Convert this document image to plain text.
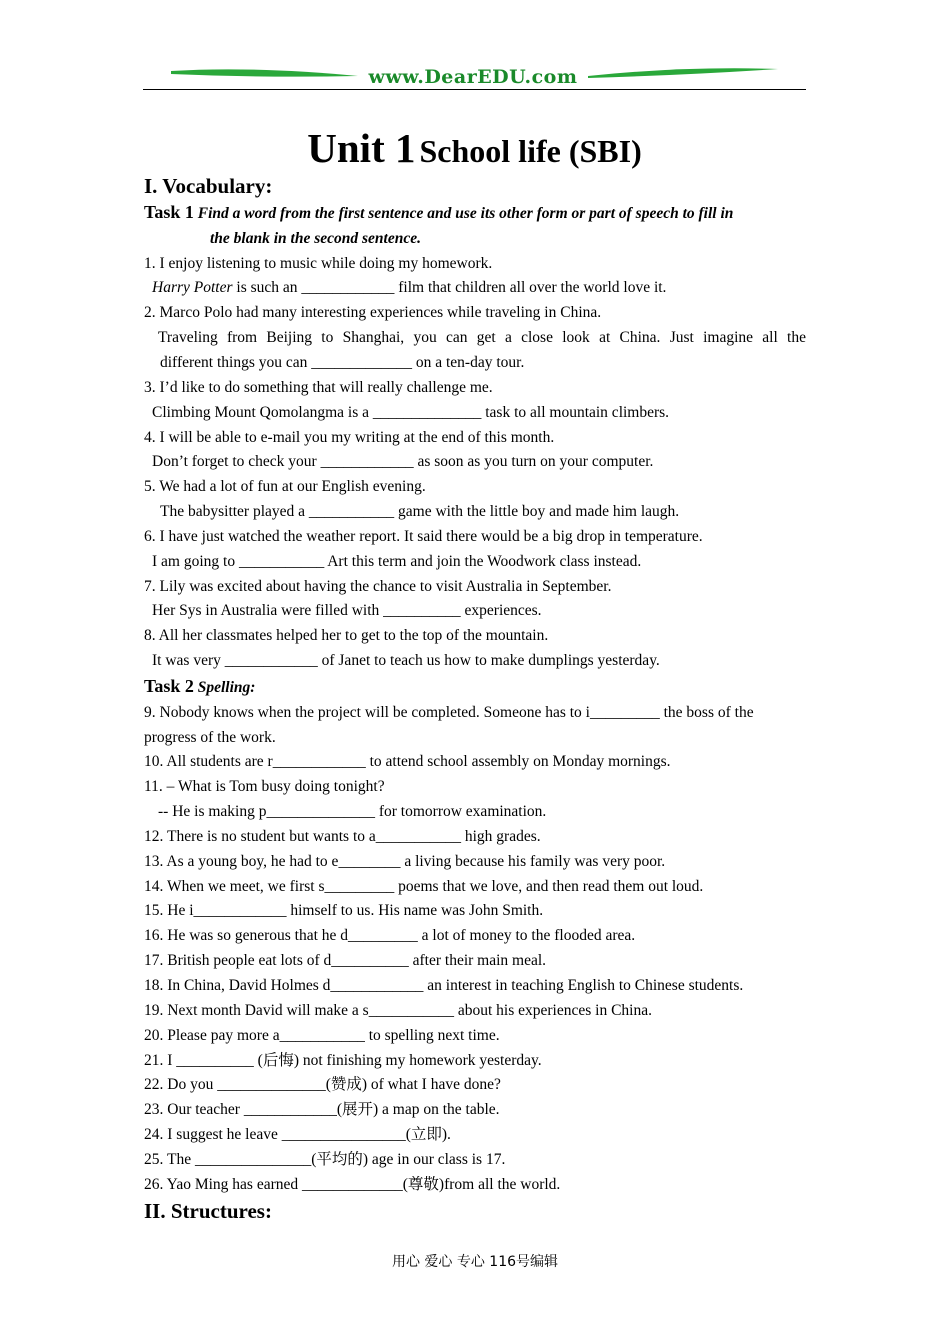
www.DearEDU.com
Unit 1 School life (SBI)
I. Vocabulary:
Task 1 Find a word from the first sentence and use its other form or part of speech to fill in

the blank in the second sentence.
1. I enjoy listening to music while doing my homework.
Harry Potter is such an ____________ film that children all over the world love it.
2. Marco Polo had many interesting experiences while traveling in China.
Traveling from Beijing to Shanghai, you can get a close look at China. Just imagine all the
different things you can _____________ on a ten-day tour.
3. I’d like to do something that will really challenge me.
Climbing Mount Qomolangma is a ______________ task to all mountain climbers.
4. I will be able to e-mail you my writing at the end of this month.
Don’t forget to check your ____________ as soon as you turn on your computer.
5. We had a lot of fun at our English evening.
The babysitter played a ___________ game with the little boy and made him laugh.
6. I have just watched the weather report. It said there would be a big drop in temperature.
I am going to ___________ Art this term and join the Woodwork class instead.
7. Lily was excited about having the chance to visit Australia in September.
Her Sys in Australia were filled with __________ experiences.
8. All her classmates helped her to get to the top of the mountain.
It was very ____________ of Janet to teach us how to make dumplings yesterday.
Task 2 Spelling:
9. Nobody knows when the project will be completed. Someone has to i_________ the boss of the
progress of the work.
10. All students are r____________ to attend school assembly on Monday mornings.
11. – What is Tom busy doing tonight?
-- He is making p______________ for tomorrow examination.
12. There is no student but wants to a___________ high grades.
13. As a young boy, he had to e________ a living because his family was very poor.
14. When we meet, we first s_________ poems that we love, and then read them out loud.
15. He i____________ himself to us. His name was John Smith.
16. He was so generous that he d_________ a lot of money to the flooded area.
17. British people eat lots of d__________ after their main meal.
18. In China, David Holmes d____________ an interest in teaching English to Chinese students.
19. Next month David will make a s___________ about his experiences in China.
20. Please pay more a___________ to spelling next time.
21. I __________ (后悔) not finishing my homework yesterday.
22. Do you ______________(赞成) of what I have done?
23. Our teacher ____________(展开) a map on the table.
24. I suggest he leave ________________(立即).
25. The _______________(平均的) age in our class is 17.
26. Yao Ming has earned _____________(尊敬)from all the world.
II. Structures:
用心 爱心 专心 116号编辑
